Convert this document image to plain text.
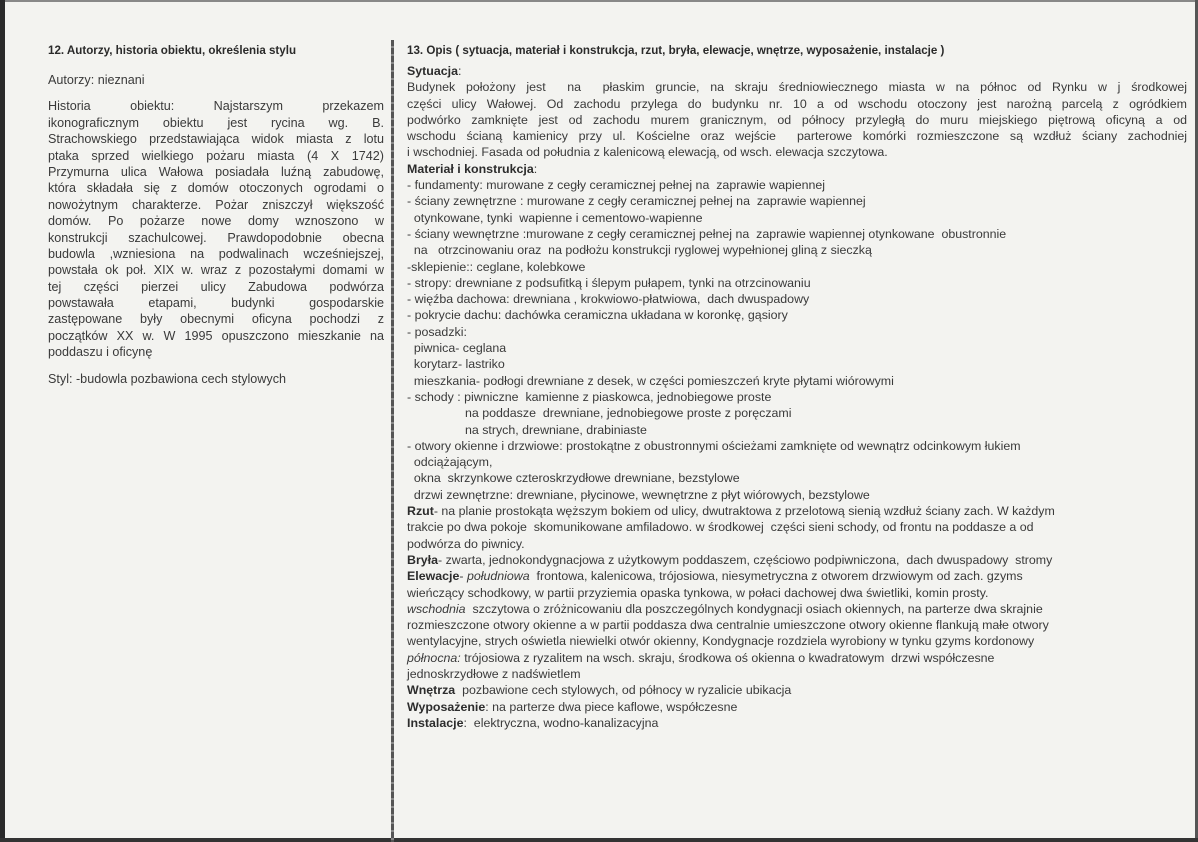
12. Autorzy, historia obiektu, określenia stylu
Autorzy: nieznani
Historia obiektu: Najstarszym przekazem
ikonograficznym obiektu jest rycina wg. B.
Strachowskiego przedstawiająca widok miasta z lotu
ptaka sprzed wielkiego pożaru miasta (4 X 1742)
Przymurna ulica Wałowa posiadała luźną zabudowę,
która składała się z domów otoczonych ogrodami o
nowożytnym charakterze. Pożar zniszczył większość
domów. Po pożarze nowe domy wznoszono w
konstrukcji szachulcowej. Prawdopodobnie obecna
budowla ,wzniesiona na podwalinach wcześniejszej,
powstała ok poł. XIX w. wraz z pozostałymi domami w
tej części pierzei ulicy Zabudowa podwórza
powstawała etapami, budynki gospodarskie
zastępowane były obecnymi oficyna pochodzi z
początków XX w. W 1995 opuszczono mieszkanie na
poddaszu i oficynę
Styl: -budowla pozbawiona cech stylowych
13. Opis ( sytuacja, materiał i konstrukcja, rzut, bryła, elewacje, wnętrze, wyposażenie, instalacje )
Sytuacja:
Budynek położony jest  na  płaskim gruncie, na skraju średniowiecznego miasta w na północ od Rynku w j środkowej
części ulicy Wałowej. Od zachodu przylega do budynku nr. 10 a od wschodu otoczony jest narożną parcelą z ogródkiem
podwórko zamknięte jest od zachodu murem granicznym, od północy przyległą do muru miejskiego piętrową oficyną a od
wschodu ścianą kamienicy przy ul. Kościelne oraz wejście  parterowe komórki rozmieszczone są wzdłuż ściany zachodniej
i wschodniej. Fasada od południa z kalenicową elewacją, od wsch. elewacja szczytowa.
Materiał i konstrukcja:
- fundamenty: murowane z cegły ceramicznej pełnej na  zaprawie wapiennej
- ściany zewnętrzne : murowane z cegły ceramicznej pełnej na  zaprawie wapiennej
otynkowane, tynki  wapienne i cementowo-wapienne
- ściany wewnętrzne :murowane z cegły ceramicznej pełnej na  zaprawie wapiennej otynkowane  obustronnie
na   otrzcinowaniu oraz  na podłożu konstrukcji ryglowej wypełnionej gliną z sieczką
-sklepienie:: ceglane, kolebkowe
- stropy: drewniane z podsufitką i ślepym pułapem, tynki na otrzcinowaniu
- więźba dachowa: drewniana , krokwiowo-płatwiowa,  dach dwuspadowy
- pokrycie dachu: dachówka ceramiczna układana w koronkę, gąsiory
- posadzki:
piwnica- ceglana
korytarz- lastriko
mieszkania- podłogi drewniane z desek, w części pomieszczeń kryte płytami wiórowymi
- schody : piwniczne  kamienne z piaskowca, jednobiegowe proste
na poddasze  drewniane, jednobiegowe proste z poręczami
na strych, drewniane, drabiniaste
- otwory okienne i drzwiowe: prostokątne z obustronnymi ościeżami zamknięte od wewnątrz odcinkowym łukiem
odciążającym,
okna  skrzynkowe czteroskrzydłowe drewniane, bezstylowe
drzwi zewnętrzne: drewniane, płycinowe, wewnętrzne z płyt wiórowych, bezstylowe
Rzut- na planie prostokąta węższym bokiem od ulicy, dwutraktowa z przelotową sienią wzdłuż ściany zach. W każdym
trakcie po dwa pokoje  skomunikowane amfiladowo. w środkowej  części sieni schody, od frontu na poddasze a od
podwórza do piwnicy.
Bryła- zwarta, jednokondygnacjowa z użytkowym poddaszem, częściowo podpiwniczona,  dach dwuspadowy  stromy
Elewacje- południowa  frontowa, kalenicowa, trójosiowa, niesymetryczna z otworem drzwiowym od zach. gzyms
wieńczący schodkowy, w partii przyziemia opaska tynkowa, w połaci dachowej dwa świetliki, komin prosty.
wschodnia  szczytowa o zróżnicowaniu dla poszczególnych kondygnacji osiach okiennych, na parterze dwa skrajnie
rozmieszczone otwory okienne a w partii poddasza dwa centralnie umieszczone otwory okienne flankują małe otwory
wentylacyjne, strych oświetla niewielki otwór okienny, Kondygnacje rozdziela wyrobiony w tynku gzyms kordonowy
północna: trójosiowa z ryzalitem na wsch. skraju, środkowa oś okienna o kwadratowym  drzwi współczesne
jednoskrzydłowe z nadświetlem
Wnętrza  pozbawione cech stylowych, od północy w ryzalicie ubikacja
Wyposażenie: na parterze dwa piece kaflowe, współczesne
Instalacje:  elektryczna, wodno-kanalizacyjna
